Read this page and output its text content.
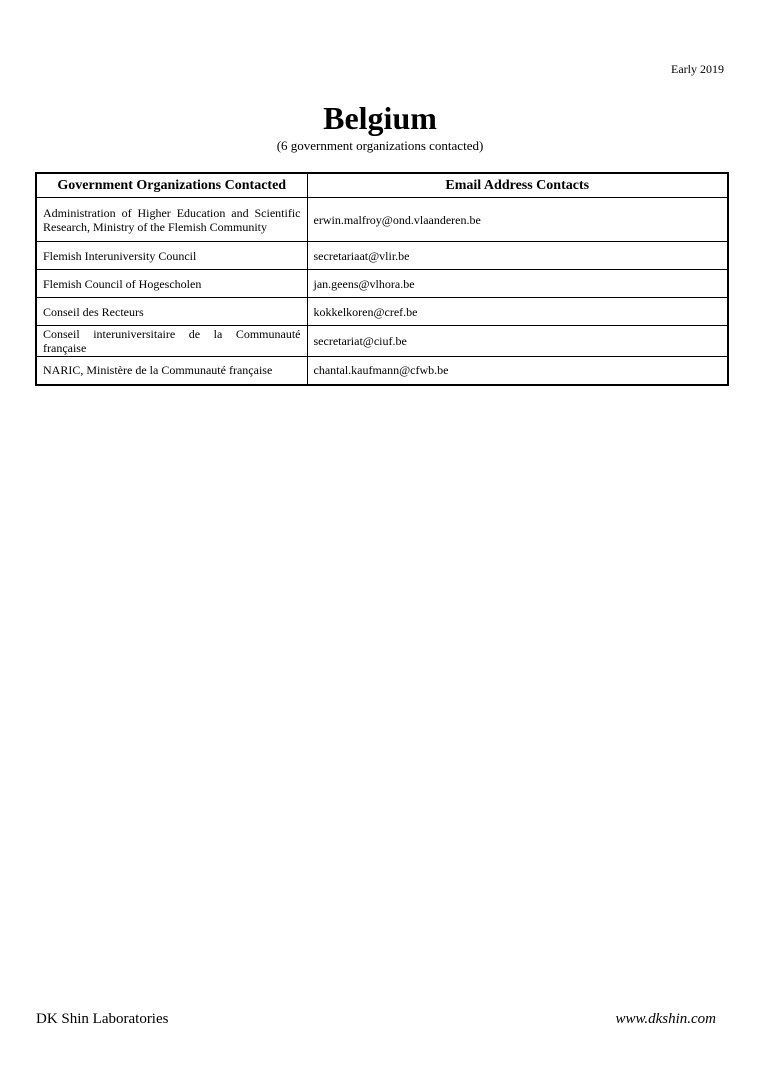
Early 2019
Belgium
(6 government organizations contacted)
Government Organizations Contacted	Email Address Contacts
Administration of Higher Education and Scientific Research, Ministry of the Flemish Community	erwin.malfroy@ond.vlaanderen.be
Flemish Interuniversity Council	secretariaat@vlir.be
Flemish Council of Hogescholen	jan.geens@vlhora.be
Conseil des Recteurs	kokkelkoren@cref.be
Conseil interuniversitaire de la Communauté française	secretariat@ciuf.be
NARIC, Ministère de la Communauté française	chantal.kaufmann@cfwb.be
DK Shin Laboratories	www.dkshin.com
